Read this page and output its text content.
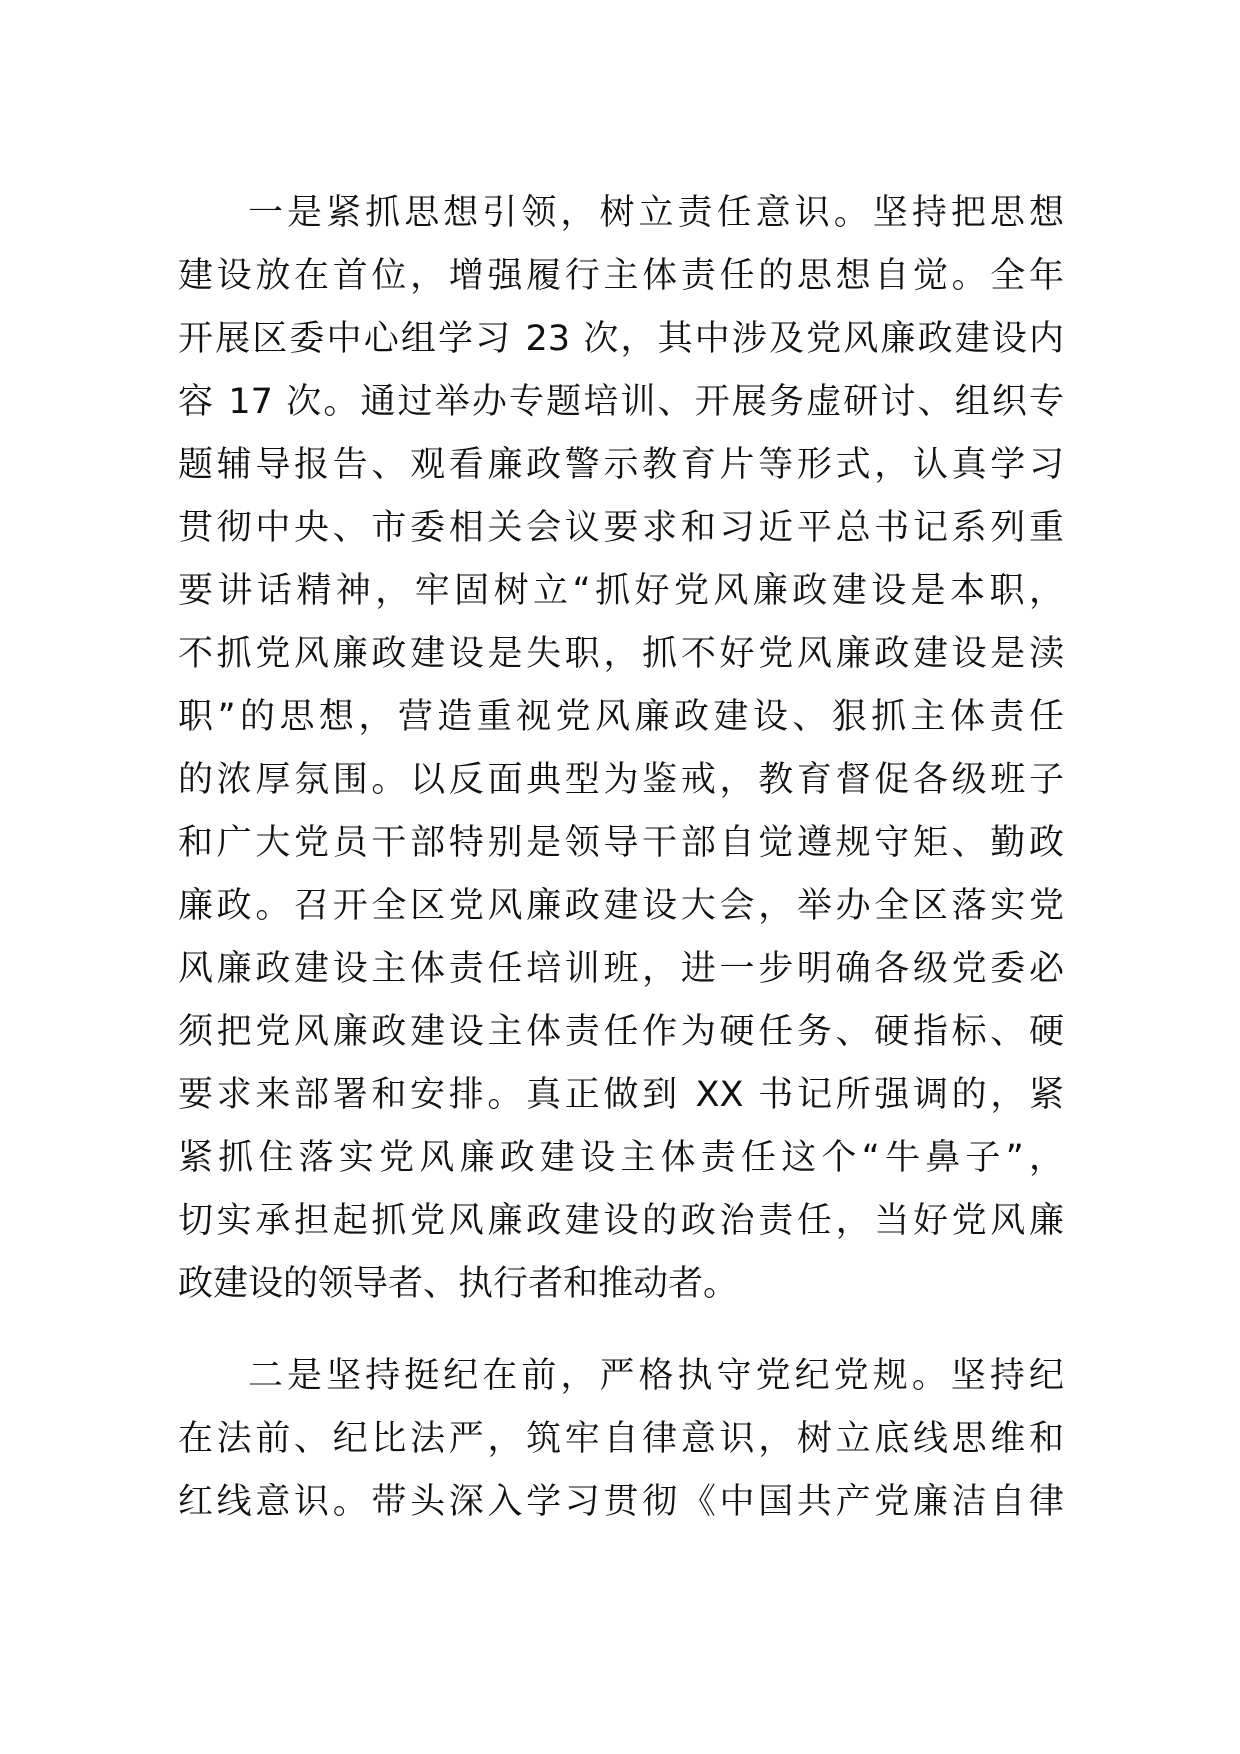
一是紧抓思想引领，树立责任意识。坚持把思想
建设放在首位，增强履行主体责任的思想自觉。全年
开展区委中心组学习 23 次，其中涉及党风廉政建设内
容 17 次。通过举办专题培训、开展务虚研讨、组织专
题辅导报告、观看廉政警示教育片等形式，认真学习
贯彻中央、市委相关会议要求和习近平总书记系列重
要讲话精神，牢固树立“抓好党风廉政建设是本职，
不抓党风廉政建设是失职，抓不好党风廉政建设是渎
职”的思想，营造重视党风廉政建设、狠抓主体责任
的浓厚氛围。以反面典型为鉴戒，教育督促各级班子
和广大党员干部特别是领导干部自觉遵规守矩、勤政
廉政。召开全区党风廉政建设大会，举办全区落实党
风廉政建设主体责任培训班，进一步明确各级党委必
须把党风廉政建设主体责任作为硬任务、硬指标、硬
要求来部署和安排。真正做到 XX 书记所强调的，紧
紧抓住落实党风廉政建设主体责任这个“牛鼻子”，
切实承担起抓党风廉政建设的政治责任，当好党风廉
政建设的领导者、执行者和推动者。
二是坚持挺纪在前，严格执守党纪党规。坚持纪
在法前、纪比法严，筑牢自律意识，树立底线思维和
红线意识。带头深入学习贯彻《中国共产党廉洁自律
